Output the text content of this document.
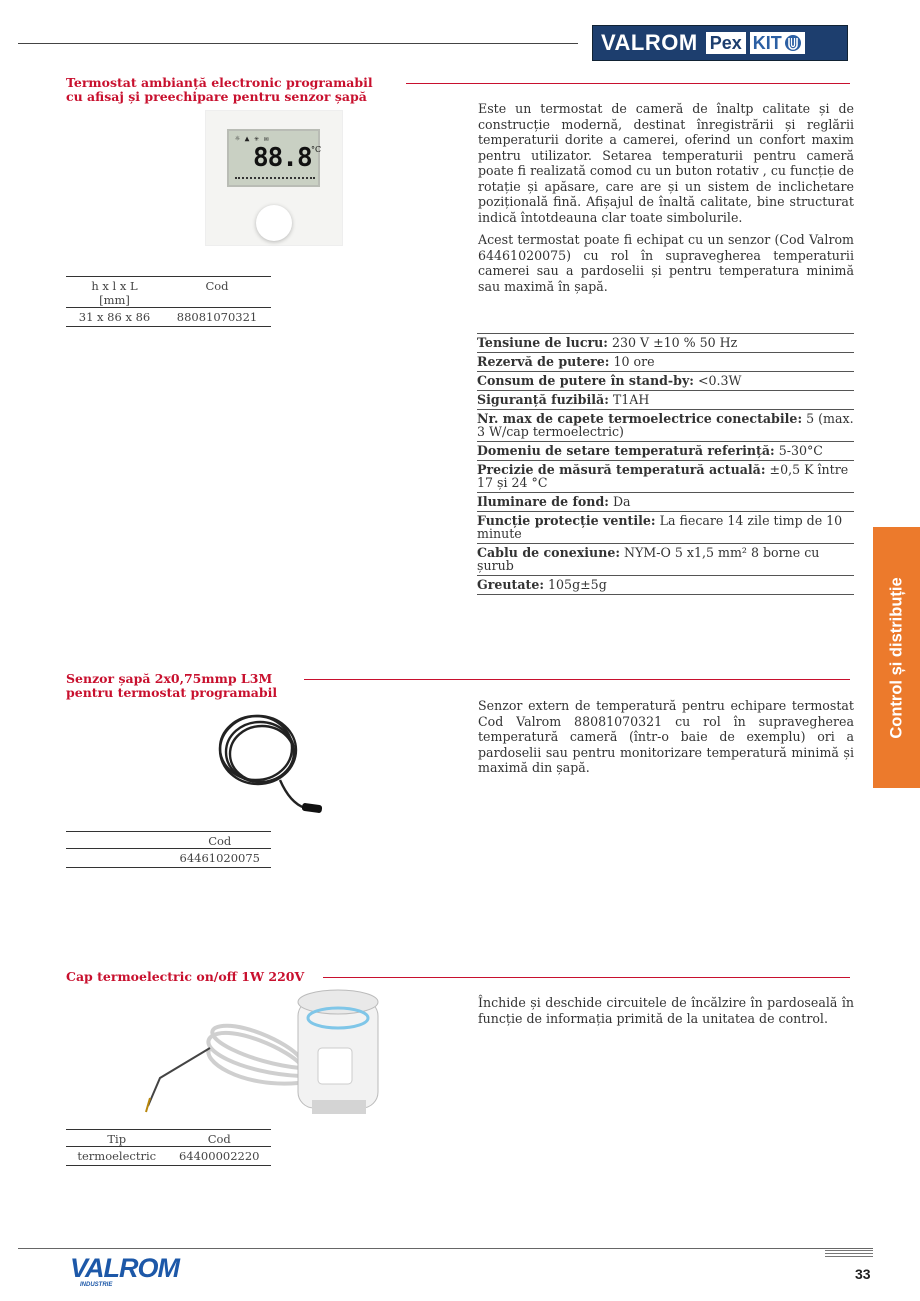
VALROM Pex KIT
Termostat ambianță electronic programabil
cu afisaj și preechipare pentru senzor șapă
☼ ▲ ✳ ✉
88.8 °C
h x l x L
[mm]	Cod
31 x 86 x 86	88081070321

Este un termostat de cameră de înaltp calitate și de construcție modernă, destinat înregistrării și reglării temperaturii dorite a camerei, oferind un confort maxim pentru utilizator. Setarea temperaturii pentru cameră poate fi realizată comod cu un buton rotativ , cu funcție de rotație și apăsare, care are și un sistem de inclichetare pozițională fină. Afișajul de înaltă calitate, bine structurat indică întotdeauna clar toate simbolurile.

Acest termostat poate fi echipat cu un senzor (Cod Valrom 64461020075) cu rol în supravegherea temperaturii camerei sau a pardoselii și pentru temperatura minimă sau maximă în șapă.

Tensiune de lucru: 230 V ±10 % 50 Hz
Rezervă de putere: 10 ore
Consum de putere în stand-by: <0.3W
Siguranță fuzibilă: T1AH
Nr. max de capete termoelectrice conectabile: 5 (max. 3 W/cap termoelectric)
Domeniu de setare temperatură referință: 5-30°C
Precizie de măsură temperatură actuală: ±0,5 K între 17 și 24 °C
Iluminare de fond: Da
Funcție protecție ventile: La fiecare 14 zile timp de 10 minute
Cablu de conexiune: NYM-O 5 x1,5 mm² 8 borne cu șurub
Greutate: 105g±5g	Control și distribuție
Senzor șapă 2x0,75mmp L3M
pentru termostat programabil
	Cod
	64461020075

Senzor extern de temperatură pentru echipare termostat Cod Valrom 88081070321 cu rol în supravegherea temperatură cameră (într-o baie de exemplu) ori a pardoselii sau pentru monitorizare temperatură minimă și maximă din șapă.

Cap termoelectric on/off 1W 220V
Tip	Cod
termoelectric	64400002220

Închide și deschide circuitele de încălzire în pardoseală în funcție de informația primită de la unitatea de control.

33
VALROM
INDUSTRIE
